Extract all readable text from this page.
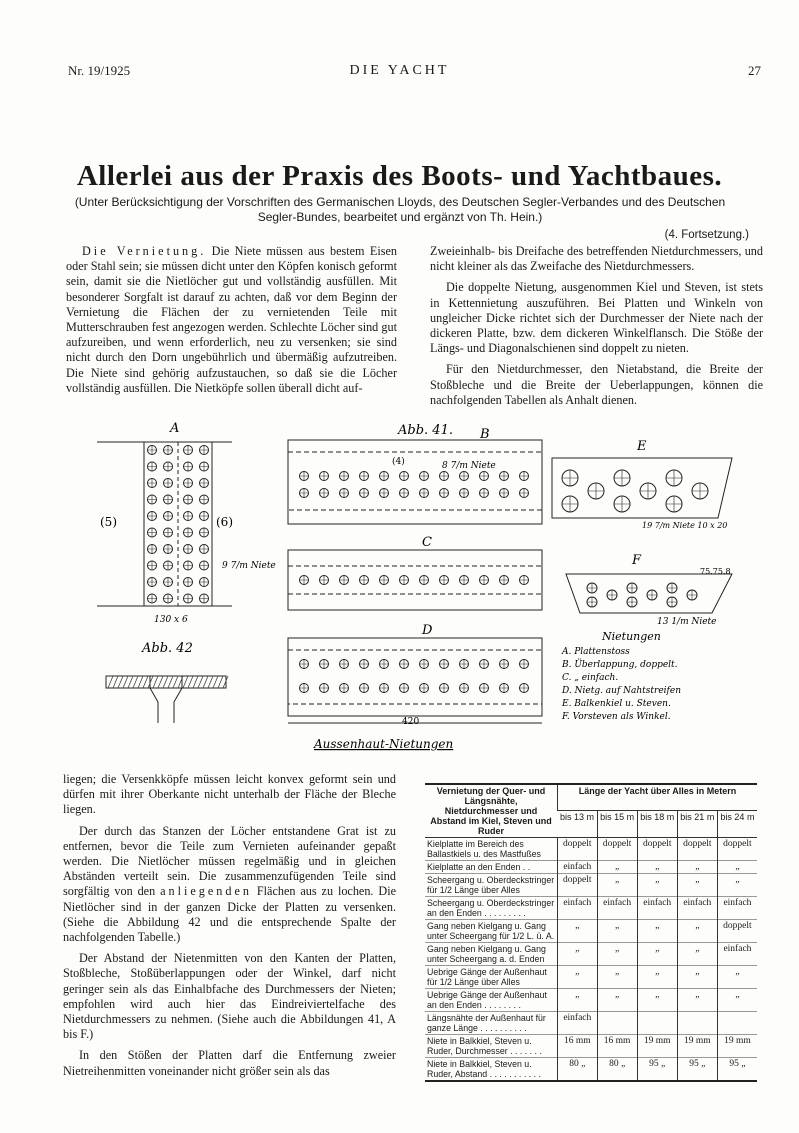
Nr. 19/1925	DIE YACHT	27
Allerlei aus der Praxis des Boots- und Yachtbaues.
(Unter Berücksichtigung der Vorschriften des Germanischen Lloyds, des Deutschen Segler-Verbandes und des Deutschen Segler-Bundes, bearbeitet und ergänzt von Th. Hein.)
(4. Fortsetzung.)

Die Vernietung. Die Niete müssen aus bestem Eisen oder Stahl sein; sie müssen dicht unter den Köpfen konisch geformt sein, damit sie die Nietlöcher gut und vollständig ausfüllen. Mit besonderer Sorgfalt ist darauf zu achten, daß vor dem Beginn der Vernietung die Flächen der zu vernietenden Teile mit Mutterschrauben fest angezogen werden. Schlechte Löcher sind gut aufzureiben, und wenn erforderlich, neu zu versenken; sie sind nicht durch den Dorn ungebührlich und übermäßig aufzutreiben. Die Niete sind gehörig aufzustauchen, so daß sie die Löcher vollständig ausfüllen. Die Nietköpfe sollen überall dicht auf-

Zweieinhalb- bis Dreifache des betreffenden Nietdurchmessers, und nicht kleiner als das Zweifache des Nietdurchmessers.

Die doppelte Nietung, ausgenommen Kiel und Steven, ist stets in Kettennietung auszuführen. Bei Platten und Winkeln von ungleicher Dicke richtet sich der Durchmesser der Niete nach der dickeren Platte, bzw. dem dickeren Winkelflansch. Die Stöße der Längs- und Diagonalschienen sind doppelt zu nieten.

Für den Nietdurchmesser, den Nietabstand, die Breite der Stoßbleche und die Breite der Ueberlappungen, können die nachfolgenden Tabellen als Anhalt dienen.

A
(5)	(6)
9 7/m Niete
130 x 6
Abb. 41. B
(4)	8 7/m Niete
C
D
420
E
19 7/m Niete 10 x 20
F
75.75.8
13 1/m Niete
Abb. 42
Nietungen
A. Plattenstoss
B. Überlappung, doppelt.
C. „ einfach.
D. Nietg. auf Nahtstreifen
E. Balkenkiel u. Steven.
F. Vorsteven als Winkel.
Aussenhaut-Nietungen

liegen; die Versenkköpfe müssen leicht konvex geformt sein und dürfen mit ihrer Oberkante nicht unterhalb der Fläche der Bleche liegen.

Der durch das Stanzen der Löcher entstandene Grat ist zu entfernen, bevor die Teile zum Vernieten aufeinander gepaßt werden. Die Nietlöcher müssen regelmäßig und in gleichen Abständen verteilt sein. Die zusammenzufügenden Teile sind sorgfältig von den anliegenden Flächen aus zu lochen. Die Nietlöcher sind in der ganzen Dicke der Platten zu versenken. (Siehe die Abbildung 42 und die entsprechende Spalte der nachfolgenden Tabelle.)

Der Abstand der Nietenmitten von den Kanten der Platten, Stoßbleche, Stoßüberlappungen oder der Winkel, darf nicht geringer sein als das Einhalbfache des Durchmessers der Nieten; empfohlen wird auch hier das Eindreiviertelfache des Nietdurchmessers zu nehmen. (Siehe auch die Abbildungen 41, A bis F.)

In den Stößen der Platten darf die Entfernung zweier Nietreihenmitten voneinander nicht größer sein als das

Vernietung der Quer- und Längsnähte, Nietdurchmesser und Abstand im Kiel, Steven und Ruder	Länge der Yacht über Alles in Metern				
	bis 13 m	bis 15 m	bis 18 m	bis 21 m	bis 24 m
Kielplatte im Bereich des Ballastkiels u. des Mastfußes	doppelt	doppelt	doppelt	doppelt	doppelt
Kielplatte an den Enden . .	einfach	„	„	„	„
Scheergang u. Oberdeckstringer für 1/2 Länge über Alles	doppelt	„	„	„	„
Scheergang u. Oberdeckstringer an den Enden . . . . . . . . .	einfach	einfach	einfach	einfach	einfach
Gang neben Kielgang u. Gang unter Scheergang für 1/2 L. ü. A.	„	„	„	„	doppelt
Gang neben Kielgang u. Gang unter Scheergang a. d. Enden	„	„	„	„	einfach
Uebrige Gänge der Außenhaut für 1/2 Länge über Alles	„	„	„	„	„
Uebrige Gänge der Außenhaut an den Enden . . . . . . . .	„	„	„	„	„
Längsnähte der Außenhaut für ganze Länge . . . . . . . . . .	einfach				
Niete in Balkkiel, Steven u. Ruder, Durchmesser . . . . . . .	16 mm	16 mm	19 mm	19 mm	19 mm
Niete in Balkkiel, Steven u. Ruder, Abstand . . . . . . . . . . .	80 „	80 „	95 „	95 „	95 „
